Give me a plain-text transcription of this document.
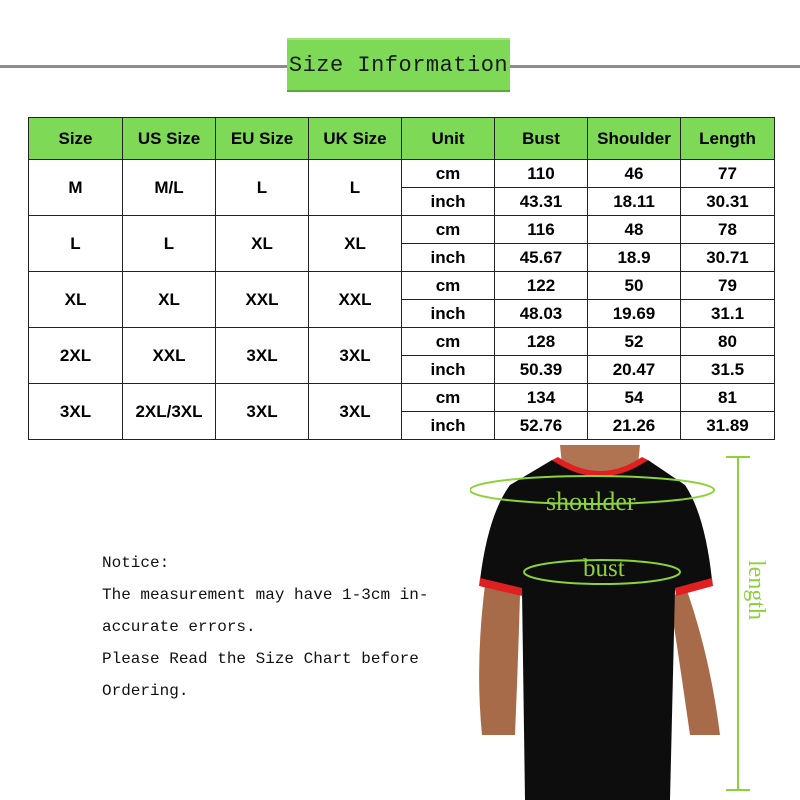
Size Information
Size	US Size	EU Size	UK Size	Unit	Bust	Shoulder	Length
M	M/L	L	L	cm	110	46	77
				inch	43.31	18.11	30.31
L	L	XL	XL	cm	116	48	78
				inch	45.67	18.9	30.71
XL	XL	XXL	XXL	cm	122	50	79
				inch	48.03	19.69	31.1
2XL	XXL	3XL	3XL	cm	128	52	80
				inch	50.39	20.47	31.5
3XL	2XL/3XL	3XL	3XL	cm	134	54	81
				inch	52.76	21.26	31.89
Notice:
The measurement may have 1-3cm in-
accurate errors.
Please Read the Size Chart before
Ordering.
shoulder
bust	length
